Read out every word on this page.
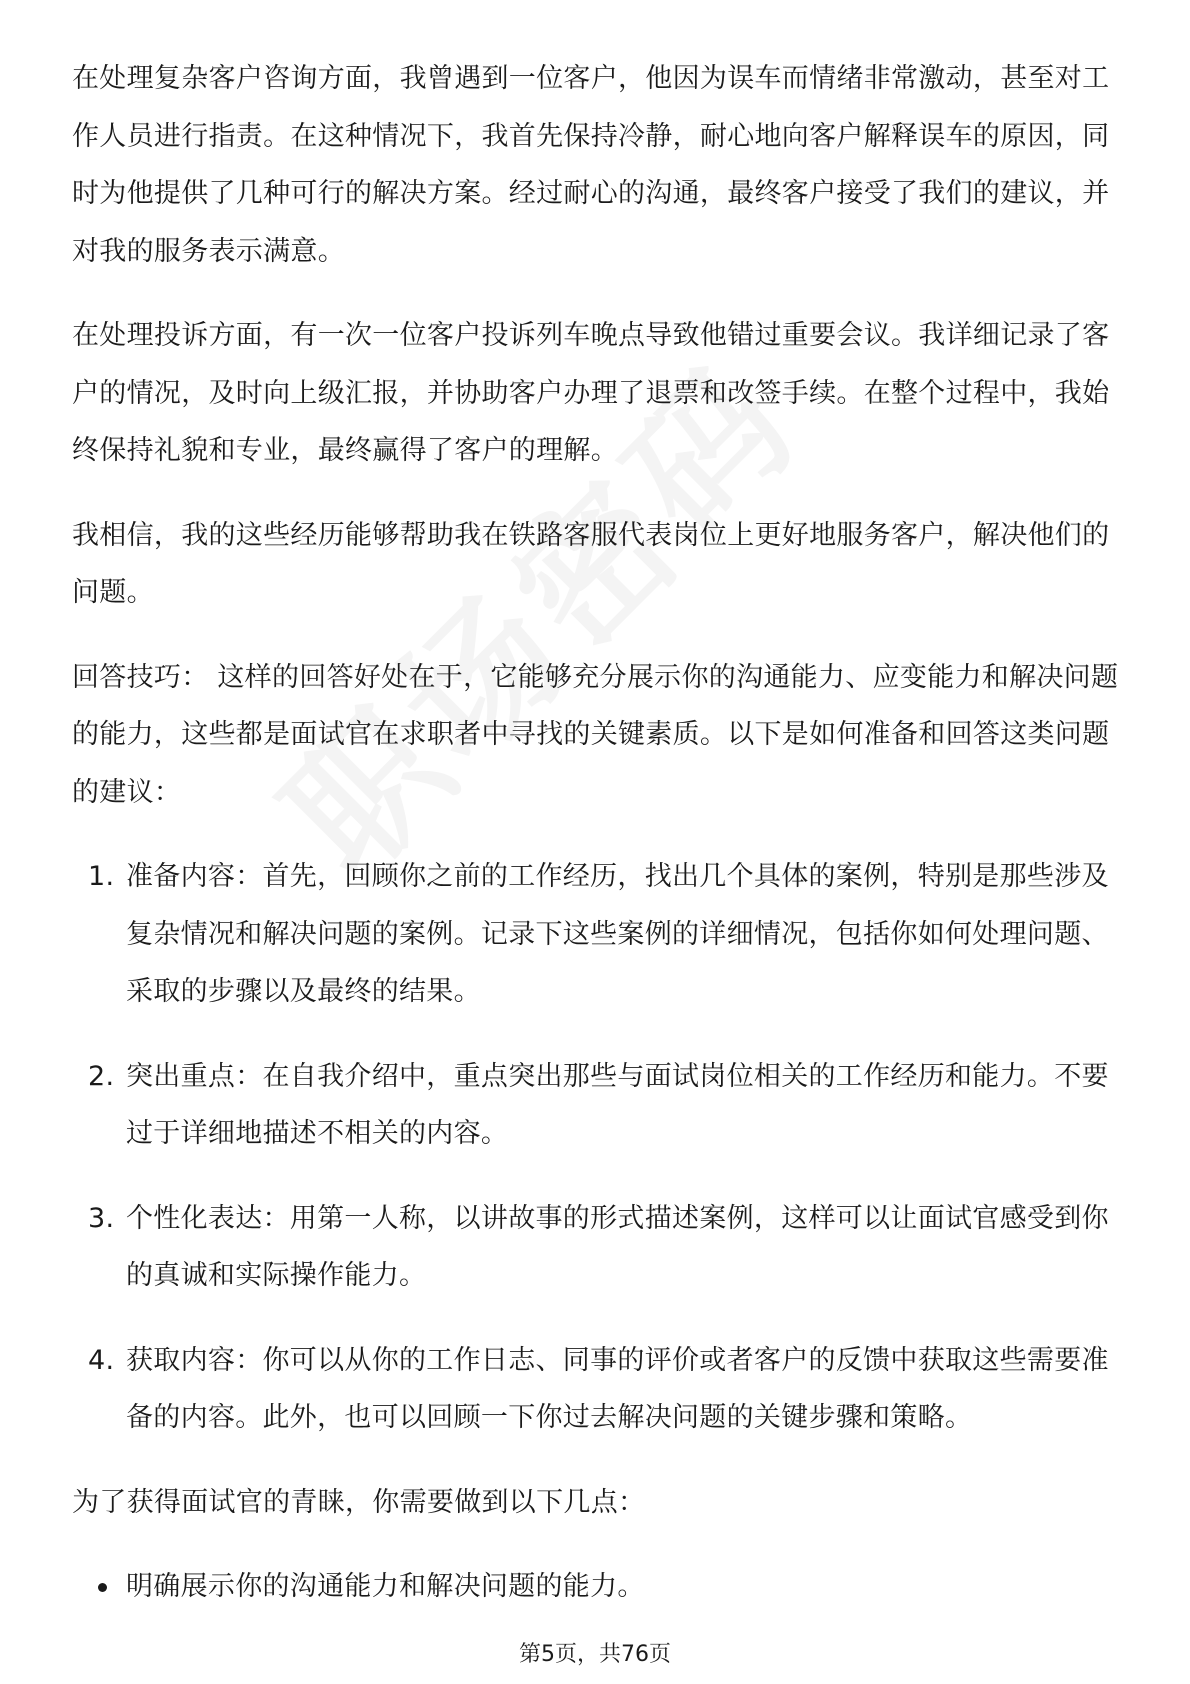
在处理复杂客户咨询方面，我曾遇到一位客户，他因为误车而情绪非常激动，甚至对工作人员进行指责。在这种情况下，我首先保持冷静，耐心地向客户解释误车的原因，同时为他提供了几种可行的解决方案。经过耐心的沟通，最终客户接受了我们的建议，并对我的服务表示满意。

在处理投诉方面，有一次一位客户投诉列车晚点导致他错过重要会议。我详细记录了客户的情况，及时向上级汇报，并协助客户办理了退票和改签手续。在整个过程中，我始终保持礼貌和专业，最终赢得了客户的理解。

我相信，我的这些经历能够帮助我在铁路客服代表岗位上更好地服务客户，解决他们的问题。

回答技巧： 这样的回答好处在于，它能够充分展示你的沟通能力、应变能力和解决问题的能力，这些都是面试官在求职者中寻找的关键素质。以下是如何准备和回答这类问题的建议：

1. 准备内容：首先，回顾你之前的工作经历，找出几个具体的案例，特别是那些涉及复杂情况和解决问题的案例。记录下这些案例的详细情况，包括你如何处理问题、采取的步骤以及最终的结果。
2. 突出重点：在自我介绍中，重点突出那些与面试岗位相关的工作经历和能力。不要过于详细地描述不相关的内容。
3. 个性化表达：用第一人称，以讲故事的形式描述案例，这样可以让面试官感受到你的真诚和实际操作能力。
4. 获取内容：你可以从你的工作日志、同事的评价或者客户的反馈中获取这些需要准备的内容。此外，也可以回顾一下你过去解决问题的关键步骤和策略。

为了获得面试官的青睐，你需要做到以下几点：

明确展示你的沟通能力和解决问题的能力。
第5页，共76页
